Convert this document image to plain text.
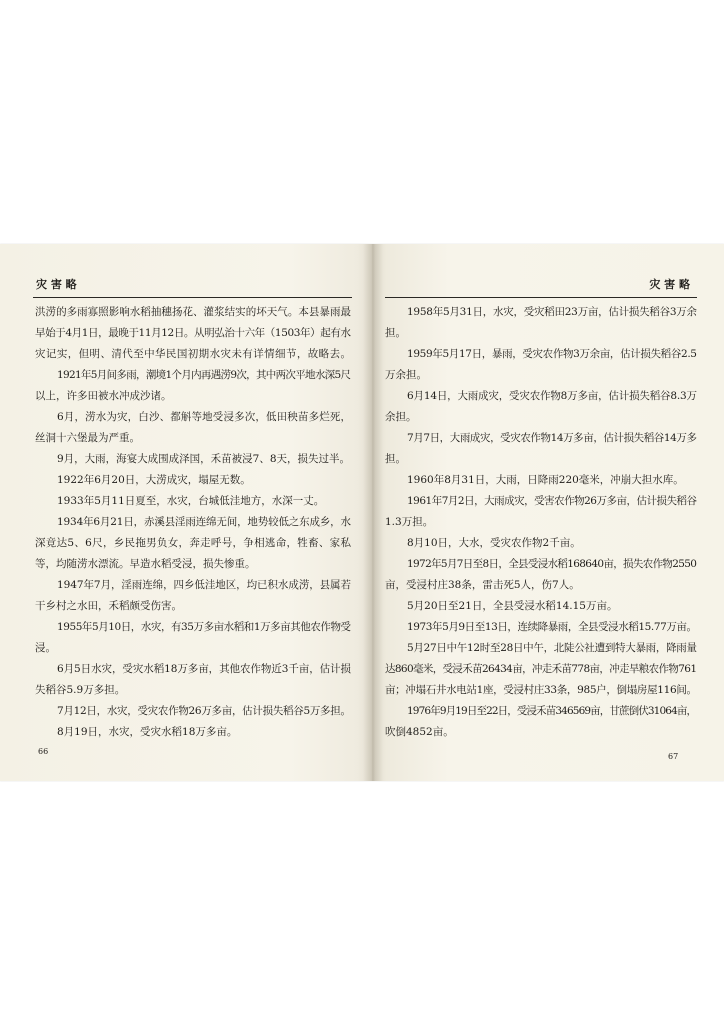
灾 害 略
洪涝的多雨寡照影响水稻抽穗扬花、灌浆结实的坏天气。本县暴雨最
早始于4月1日，最晚于11月12日。从明弘治十六年（1503年）起有水
灾记实，但明、清代至中华民国初期水灾未有详情细节，故略去。
1921年5月间多雨，潮境1个月内再遇涝9次，其中两次平地水深5尺
以上，许多田被水冲成沙诸。
6月，涝水为灾，白沙、都斛等地受浸多次，低田秧苗多烂死，
丝洞十六堡最为严重。
9月，大雨，海宴大成围成泽国，禾苗被浸7、8天，损失过半。
1922年6月20日，大涝成灾，塌屋无数。
1933年5月11日夏至，水灾，台城低洼地方，水深一丈。
1934年6月21日，赤溪县淫雨连绵无间，地势较低之东成乡，水
深竟达5、6尺，乡民拖男负女，奔走呼号，争相逃命，牲畜、家私
等，均随涝水漂流。早造水稻受浸，损失惨重。
1947年7月，淫雨连绵，四乡低洼地区，均已积水成涝，县属若
干乡村之水田，禾稻颇受伤害。
1955年5月10日，水灾，有35万多亩水稻和1万多亩其他农作物受
浸。
6月5日水灾，受灾水稻18万多亩，其他农作物近3千亩，估计损
失稻谷5.9万多担。
7月12日，水灾，受灾农作物26万多亩，估计损失稻谷5万多担。
8月19日，水灾，受灾水稻18万多亩。
66
灾 害 略
1958年5月31日，水灾，受灾稻田23万亩，估计损失稻谷3万余
担。
1959年5月17日，暴雨，受灾农作物3万余亩，估计损失稻谷2.5
万余担。
6月14日，大雨成灾，受灾农作物8万多亩，估计损失稻谷8.3万
余担。
7月7日，大雨成灾，受灾农作物14万多亩，估计损失稻谷14万多
担。
1960年8月31日，大雨，日降雨220毫米，冲崩大担水库。
1961年7月2日，大雨成灾，受害农作物26万多亩，估计损失稻谷
1.3万担。
8月10日，大水，受灾农作物2千亩。
1972年5月7日至8日，全县受浸水稻168640亩，损失农作物2550
亩，受浸村庄38条，雷击死5人，伤7人。
5月20日至21日，全县受浸水稻14.15万亩。
1973年5月9日至13日，连续降暴雨，全县受浸水稻15.77万亩。
5月27日中午12时至28日中午，北陡公社遭到特大暴雨，降雨量
达860毫米，受浸禾苗26434亩，冲走禾苗778亩，冲走旱粮农作物761
亩；冲塌石井水电站1座，受浸村庄33条，985户，倒塌房屋116间。
1976年9月19日至22日，受浸禾苗346569亩，甘蔗倒伏31064亩，
吹倒4852亩。
67
